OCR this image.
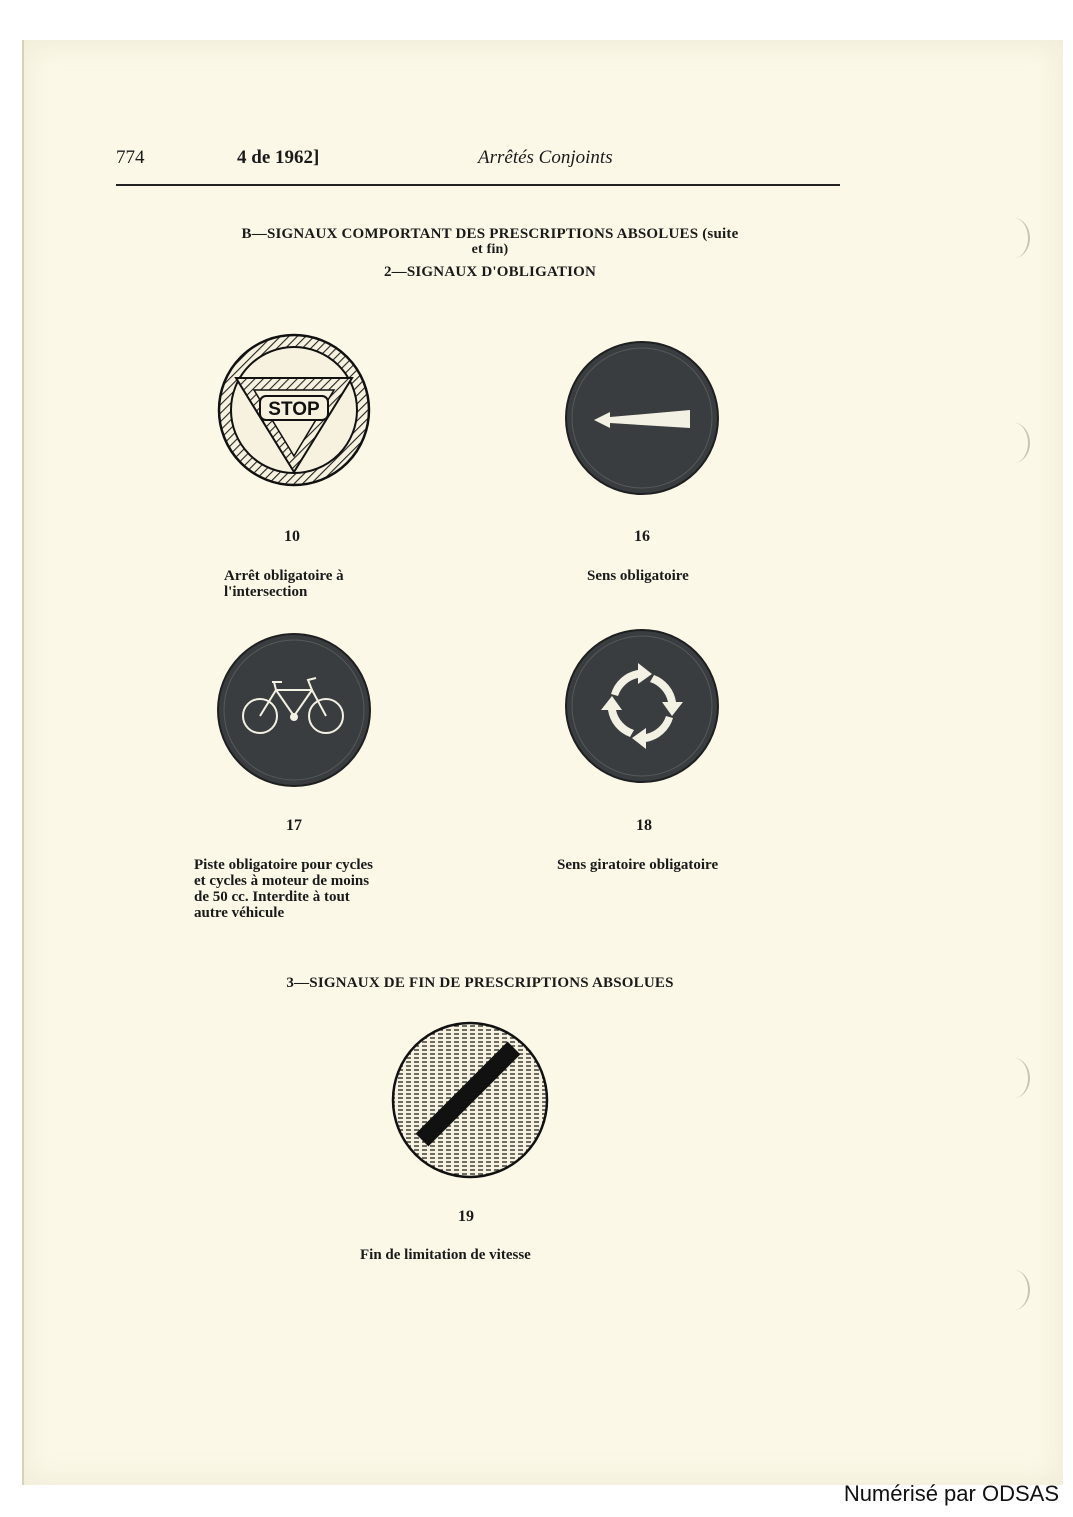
774	4 de 1962]	Arrêtés Conjoints
B—SIGNAUX COMPORTANT DES PRESCRIPTIONS ABSOLUES (suite
et fin)
2—SIGNAUX D'OBLIGATION
STOP
10	16
17	18
Arrêt obligatoire à
l'intersection
Sens obligatoire
Piste obligatoire pour cycles
et cycles à moteur de moins
de 50 cc. Interdite à tout
autre véhicule
Sens giratoire obligatoire
3—SIGNAUX DE FIN DE PRESCRIPTIONS ABSOLUES
19
Fin de limitation de vitesse
Numérisé par ODSAS
